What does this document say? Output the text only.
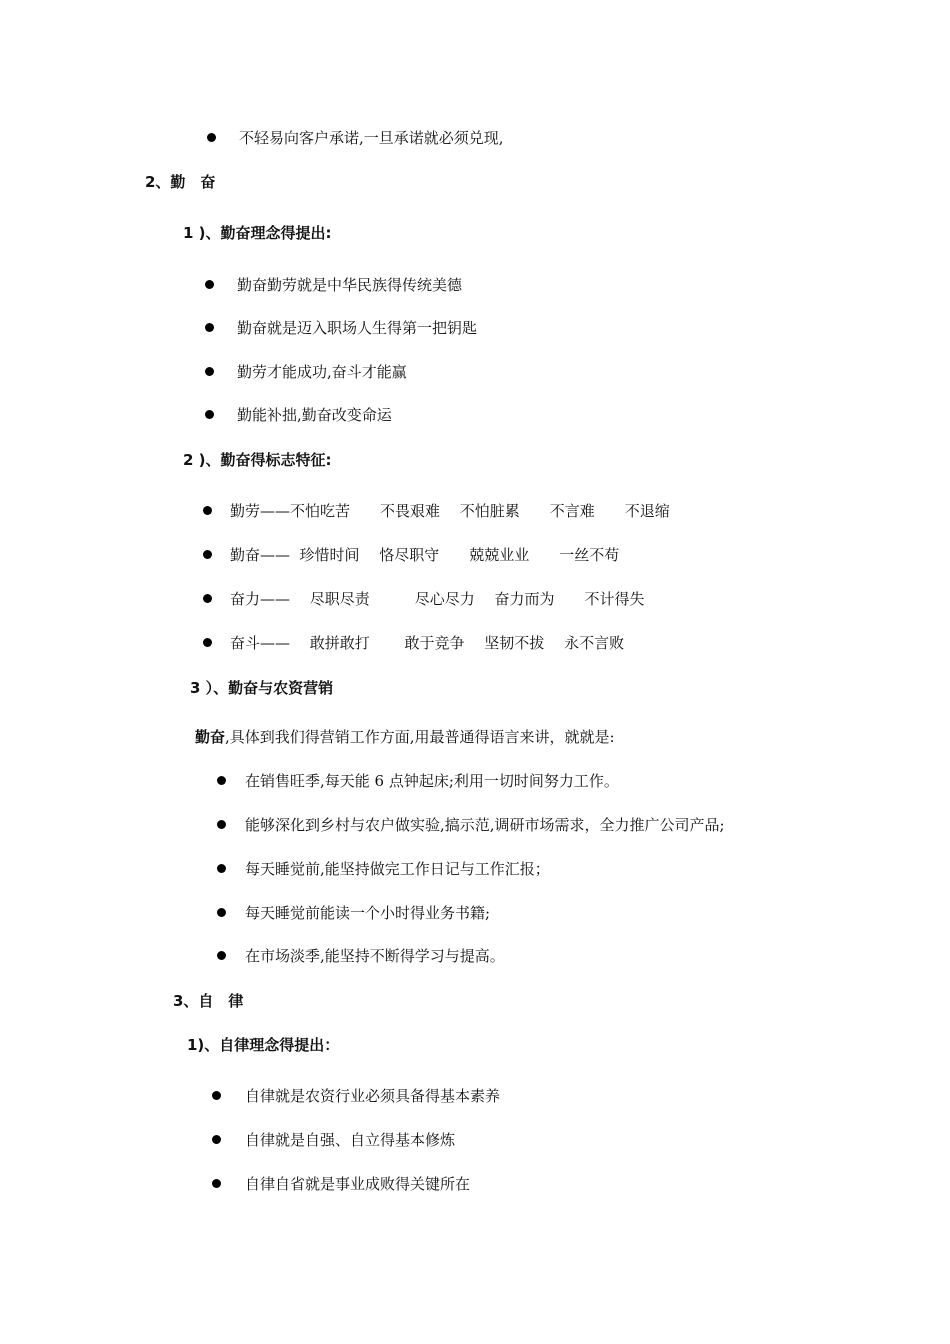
不轻易向客户承诺,一旦承诺就必须兑现,
2、勤　奋
1 )、勤奋理念得提出:
勤奋勤劳就是中华民族得传统美德
勤奋就是迈入职场人生得第一把钥匙
勤劳才能成功,奋斗才能赢
勤能补拙,勤奋改变命运
2 )、勤奋得标志特征:
勤劳——不怕吃苦　　不畏艰难　 不怕脏累　　不言难　　不退缩
勤奋——  珍惜时间　 恪尽职守　　兢兢业业　　一丝不苟
奋力——　 尽职尽责　　　尽心尽力　 奋力而为　　不计得失
奋斗——　 敢拼敢打　　 敢于竞争　 坚韧不拔　 永不言败
3 ）、勤奋与农资营销
勤奋,具体到我们得营销工作方面,用最普通得语言来讲，就就是:
在销售旺季,每天能 6 点钟起床;利用一切时间努力工作。
能够深化到乡村与农户做实验,搞示范,调研市场需求，全力推广公司产品;
每天睡觉前,能坚持做完工作日记与工作汇报；
每天睡觉前能读一个小时得业务书籍;
在市场淡季,能坚持不断得学习与提高。
3、自　律
1)、自律理念得提出：
自律就是农资行业必须具备得基本素养
自律就是自强、自立得基本修炼
自律自省就是事业成败得关键所在
